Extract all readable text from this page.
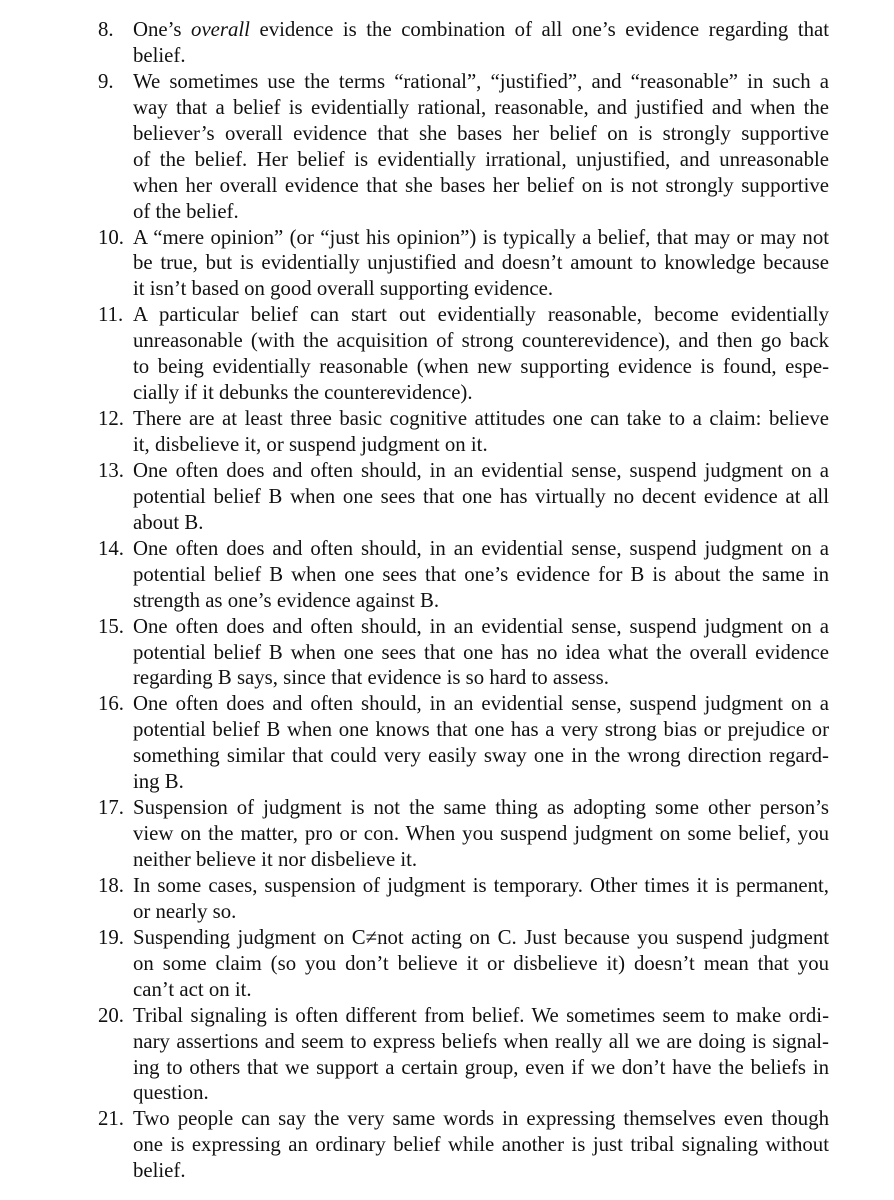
8. One’s overall evidence is the combination of all one’s evidence regarding that
belief.
9. We sometimes use the terms “rational”, “justified”, and “reasonable” in such a
way that a belief is evidentially rational, reasonable, and justified and when the
believer’s overall evidence that she bases her belief on is strongly supportive
of the belief. Her belief is evidentially irrational, unjustified, and unreasonable
when her overall evidence that she bases her belief on is not strongly supportive
of the belief.
10. A “mere opinion” (or “just his opinion”) is typically a belief, that may or may not
be true, but is evidentially unjustified and doesn’t amount to knowledge because
it isn’t based on good overall supporting evidence.
11. A particular belief can start out evidentially reasonable, become evidentially
unreasonable (with the acquisition of strong counterevidence), and then go back
to being evidentially reasonable (when new supporting evidence is found, espe-
cially if it debunks the counterevidence).
12. There are at least three basic cognitive attitudes one can take to a claim: believe
it, disbelieve it, or suspend judgment on it.
13. One often does and often should, in an evidential sense, suspend judgment on a
potential belief B when one sees that one has virtually no decent evidence at all
about B.
14. One often does and often should, in an evidential sense, suspend judgment on a
potential belief B when one sees that one’s evidence for B is about the same in
strength as one’s evidence against B.
15. One often does and often should, in an evidential sense, suspend judgment on a
potential belief B when one sees that one has no idea what the overall evidence
regarding B says, since that evidence is so hard to assess.
16. One often does and often should, in an evidential sense, suspend judgment on a
potential belief B when one knows that one has a very strong bias or prejudice or
something similar that could very easily sway one in the wrong direction regard-
ing B.
17. Suspension of judgment is not the same thing as adopting some other person’s
view on the matter, pro or con. When you suspend judgment on some belief, you
neither believe it nor disbelieve it.
18. In some cases, suspension of judgment is temporary. Other times it is permanent,
or nearly so.
19. Suspending judgment on C≠not acting on C. Just because you suspend judgment
on some claim (so you don’t believe it or disbelieve it) doesn’t mean that you
can’t act on it.
20. Tribal signaling is often different from belief. We sometimes seem to make ordi-
nary assertions and seem to express beliefs when really all we are doing is signal-
ing to others that we support a certain group, even if we don’t have the beliefs in
question.
21. Two people can say the very same words in expressing themselves even though
one is expressing an ordinary belief while another is just tribal signaling without
belief.
